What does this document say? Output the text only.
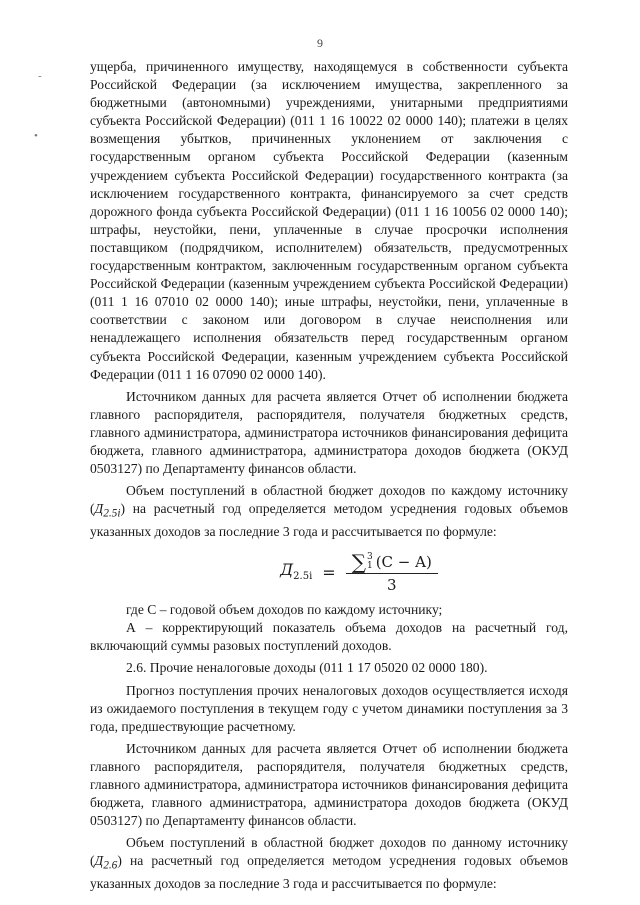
9
-
•

ущерба, причиненного имуществу, находящемуся в собственности субъекта Российской Федерации (за исключением имущества, закрепленного за бюджетными (автономными) учреждениями, унитарными предприятиями субъекта Российской Федерации) (011 1 16 10022 02 0000 140); платежи в целях возмещения убытков, причиненных уклонением от заключения с государственным органом субъекта Российской Федерации (казенным учреждением субъекта Российской Федерации) государственного контракта (за исключением государственного контракта, финансируемого за счет средств дорожного фонда субъекта Российской Федерации) (011 1 16 10056 02 0000 140); штрафы, неустойки, пени, уплаченные в случае просрочки исполнения поставщиком (подрядчиком, исполнителем) обязательств, предусмотренных государственным контрактом, заключенным государственным органом субъекта Российской Федерации (казенным учреждением субъекта Российской Федерации) (011 1 16 07010 02 0000 140); иные штрафы, неустойки, пени, уплаченные в соответствии с законом или договором в случае неисполнения или ненадлежащего исполнения обязательств перед государственным органом субъекта Российской Федерации, казенным учреждением субъекта Российской Федерации (011 1 16 07090 02 0000 140).

Источником данных для расчета является Отчет об исполнении бюджета главного распорядителя, распорядителя, получателя бюджетных средств, главного администратора, администратора источников финансирования дефицита бюджета, главного администратора, администратора доходов бюджета (ОКУД 0503127) по Департаменту финансов области.

Объем поступлений в областной бюджет доходов по каждому источнику $(Д_{2.5i})$ на расчетный год определяется методом усреднения годовых объемов указанных доходов за последние 3 года и рассчитывается по формуле:

$Д_{2.5i}$ = ∑ 3
1 (C − A)
3

где С – годовой объем доходов по каждому источнику;

А – корректирующий показатель объема доходов на расчетный год, включающий суммы разовых поступлений доходов.

2.6. Прочие неналоговые доходы (011 1 17 05020 02 0000 180).

Прогноз поступления прочих неналоговых доходов осуществляется исходя из ожидаемого поступления в текущем году с учетом динамики поступления за 3 года, предшествующие расчетному.

Источником данных для расчета является Отчет об исполнении бюджета главного распорядителя, распорядителя, получателя бюджетных средств, главного администратора, администратора источников финансирования дефицита бюджета, главного администратора, администратора доходов бюджета (ОКУД 0503127) по Департаменту финансов области.

Объем поступлений в областной бюджет доходов по данному источнику $(Д_{2.6})$ на расчетный год определяется методом усреднения годовых объемов указанных доходов за последние 3 года и рассчитывается по формуле:
